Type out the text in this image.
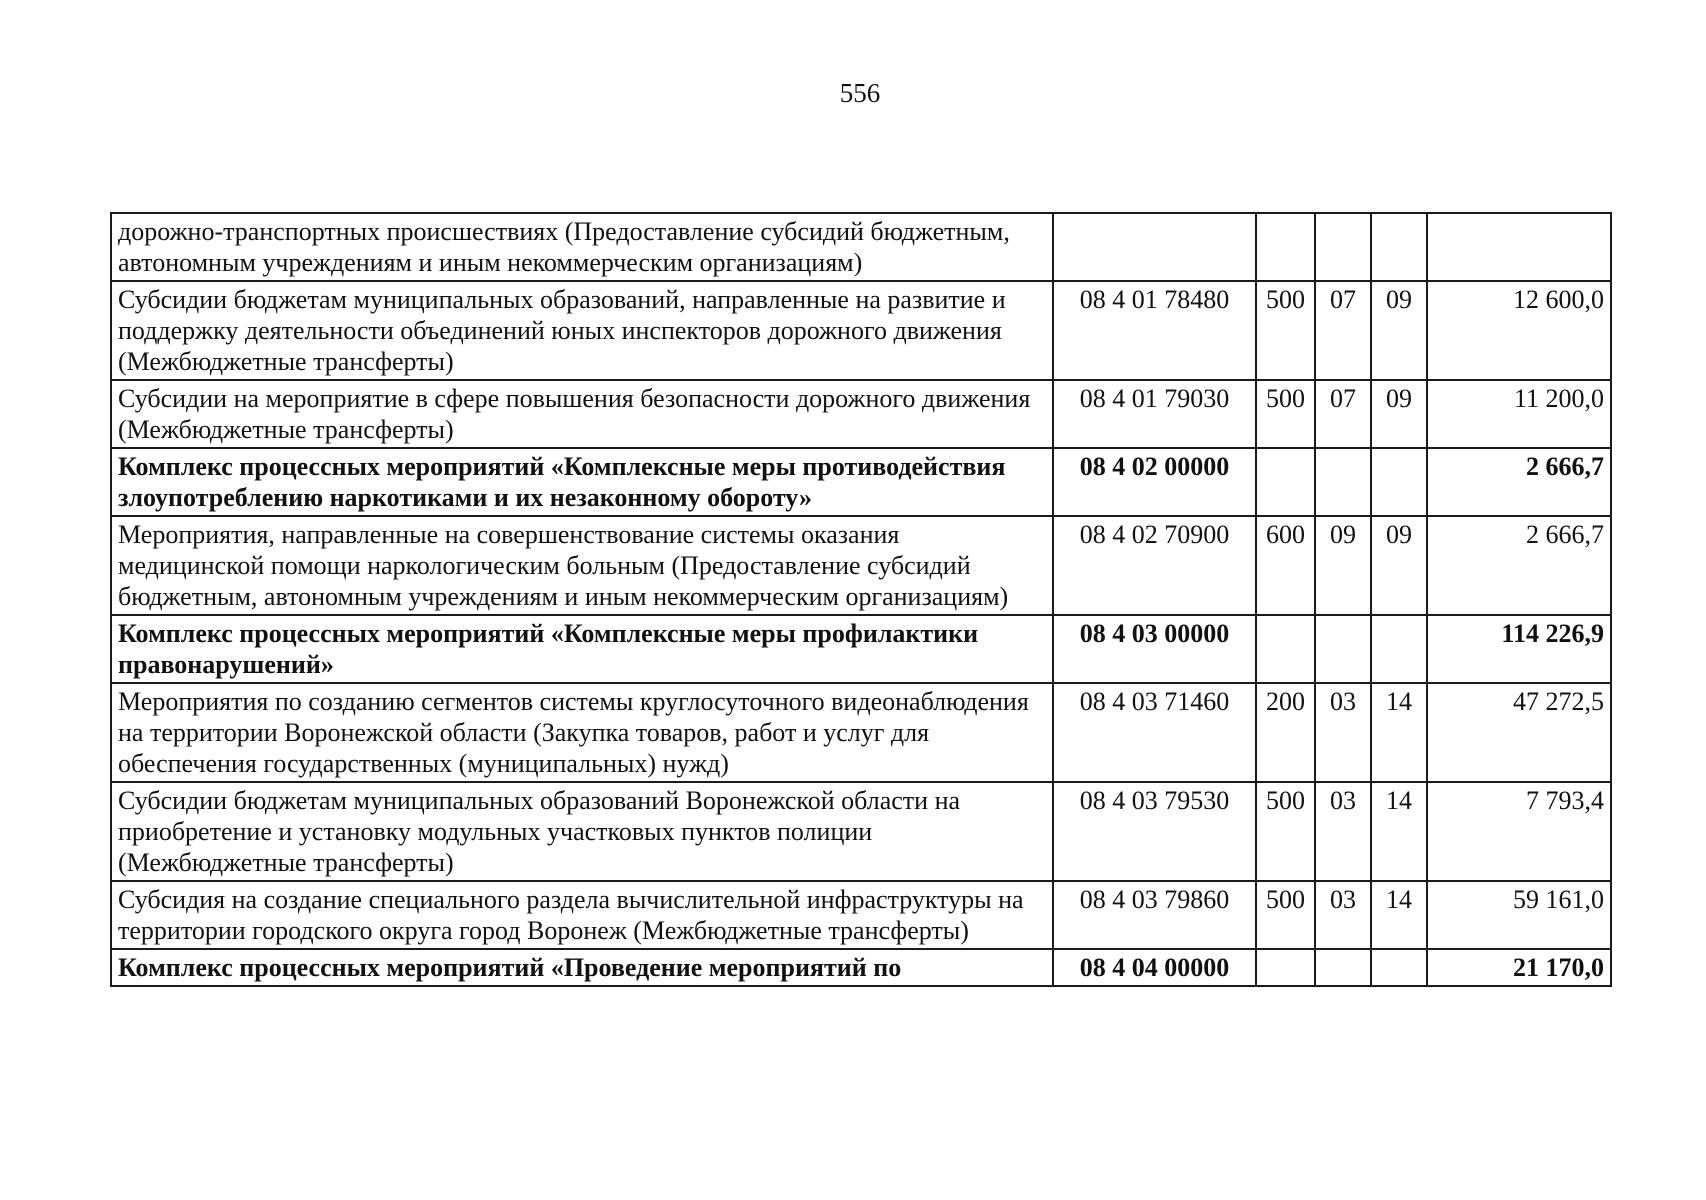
556
дорожно-транспортных происшествиях (Предоставление субсидий бюджетным, автономным учреждениям и иным некоммерческим организациям)					
Субсидии бюджетам муниципальных образований, направленные на развитие и поддержку деятельности объединений юных инспекторов дорожного движения (Межбюджетные трансферты)	08 4 01 78480	500	07	09	12 600,0
Субсидии на мероприятие в сфере повышения безопасности дорожного движения (Межбюджетные трансферты)	08 4 01 79030	500	07	09	11 200,0
Комплекс процессных мероприятий «Комплексные меры противодействия злоупотреблению наркотиками и их незаконному обороту»	08 4 02 00000				2 666,7
Мероприятия, направленные на совершенствование системы оказания медицинской помощи наркологическим больным (Предоставление субсидий бюджетным, автономным учреждениям и иным некоммерческим организациям)	08 4 02 70900	600	09	09	2 666,7
Комплекс процессных мероприятий «Комплексные меры профилактики правонарушений»	08 4 03 00000				114 226,9
Мероприятия по созданию сегментов системы круглосуточного видеонаблюдения на территории Воронежской области (Закупка товаров, работ и услуг для обеспечения государственных (муниципальных) нужд)	08 4 03 71460	200	03	14	47 272,5
Субсидии бюджетам муниципальных образований Воронежской области на приобретение и установку модульных участковых пунктов полиции (Межбюджетные трансферты)	08 4 03 79530	500	03	14	7 793,4
Субсидия на создание специального раздела вычислительной инфраструктуры на территории городского округа город Воронеж (Межбюджетные трансферты)	08 4 03 79860	500	03	14	59 161,0
Комплекс процессных мероприятий «Проведение мероприятий по	08 4 04 00000				21 170,0
